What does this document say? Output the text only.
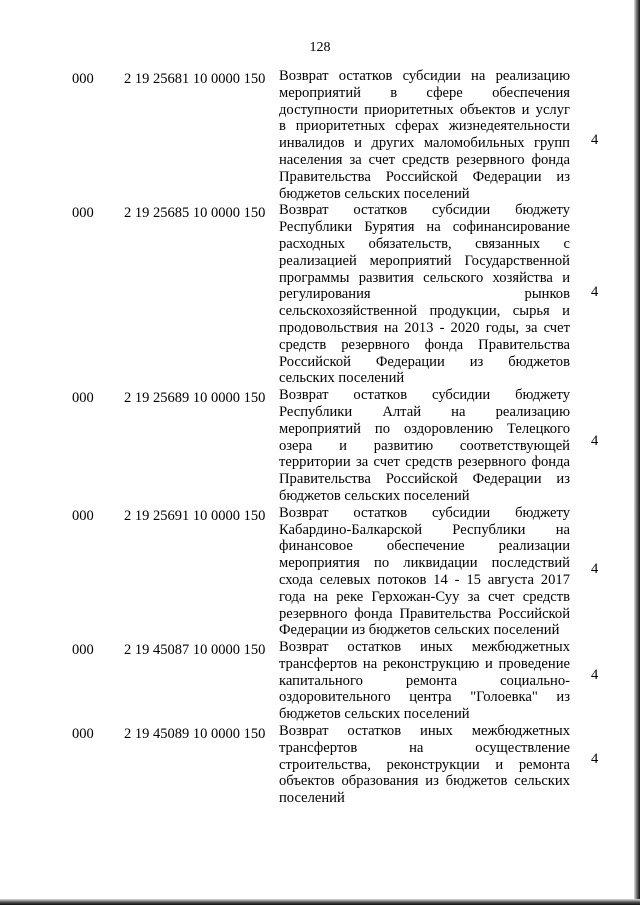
128
000	2 19 25681 10 0000 150 Возврат остатков субсидии на реализацию
мероприятий в сфере обеспечения
доступности приоритетных объектов и услуг
в приоритетных сферах жизнедеятельности
инвалидов и других маломобильных групп
населения за счет средств резервного фонда
Правительства Российской Федерации из
бюджетов сельских поселений
4
000	2 19 25685 10 0000 150 Возврат остатков субсидии бюджету
Республики Бурятия на софинансирование
расходных обязательств, связанных с
реализацией мероприятий Государственной
программы развития сельского хозяйства и
регулирования рынков
сельскохозяйственной продукции, сырья и
продовольствия на 2013 - 2020 годы, за счет
средств резервного фонда Правительства
Российской Федерации из бюджетов
сельских поселений
4
000	2 19 25689 10 0000 150 Возврат остатков субсидии бюджету
Республики Алтай на реализацию
мероприятий по оздоровлению Телецкого
озера и развитию соответствующей
территории за счет средств резервного фонда
Правительства Российской Федерации из
бюджетов сельских поселений
4
000	2 19 25691 10 0000 150 Возврат остатков субсидии бюджету
Кабардино-Балкарской Республики на
финансовое обеспечение реализации
мероприятия по ликвидации последствий
схода селевых потоков 14 - 15 августа 2017
года на реке Герхожан-Суу за счет средств
резервного фонда Правительства Российской
Федерации из бюджетов сельских поселений
4
000	2 19 45087 10 0000 150 Возврат остатков иных межбюджетных
трансфертов на реконструкцию и проведение
капитального ремонта социально-
оздоровительного центра "Голоевка" из
бюджетов сельских поселений
4
000	2 19 45089 10 0000 150 Возврат остатков иных межбюджетных
трансфертов на осуществление
строительства, реконструкции и ремонта
объектов образования из бюджетов сельских
поселений
4
